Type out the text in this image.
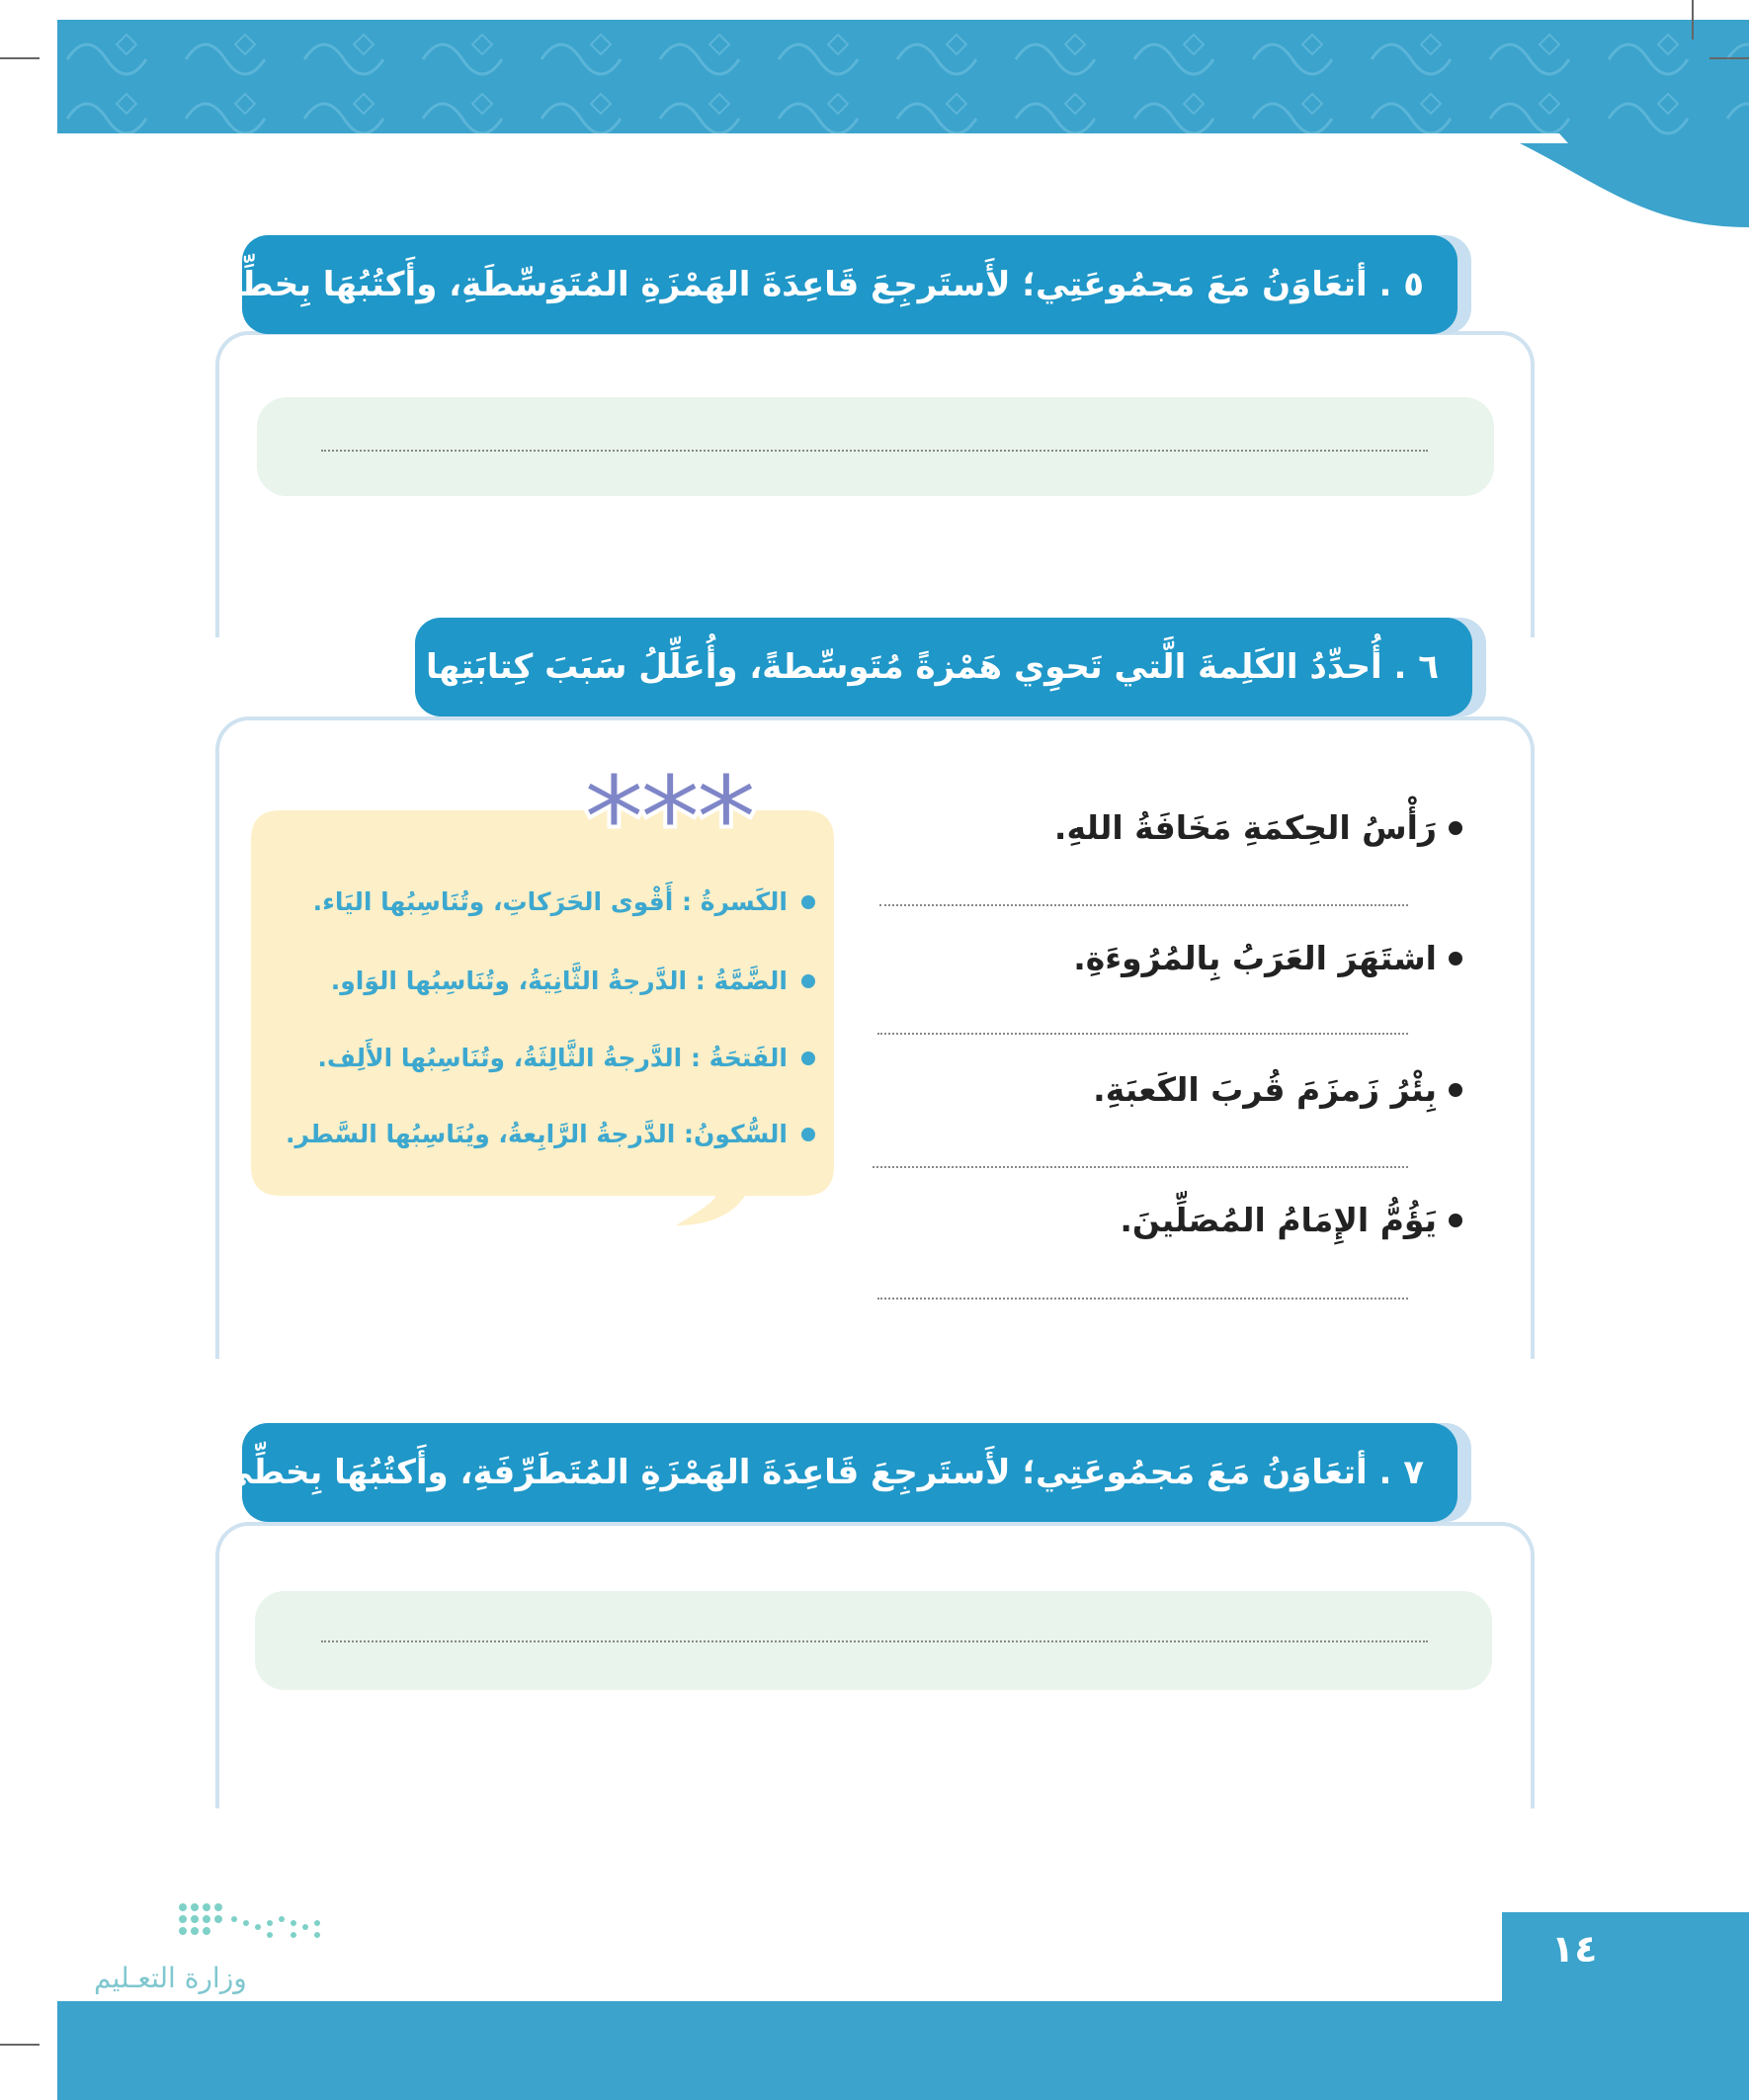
٥ . أتعَاوَنُ مَعَ مَجمُوعَتِي؛ لأَستَرجِعَ قَاعِدَةَ الهَمْزَةِ المُتَوَسِّطَةِ، وأَكتُبُهَا بِخطِّي الجَمِيلِ :
٦ . أُحدِّدُ الكَلِمةَ الَّتي تَحوِي هَمْزةً مُتَوسِّطةً، وأُعَلِّلُ سَبَبَ كِتابَتِها :
رَأْسُ الحِكمَةِ مَخَافَةُ اللهِ.
اشتَهَرَ العَرَبُ بِالمُرُوءَةِ.
بِئْرُ زَمزَمَ قُربَ الكَعبَةِ.
يَؤُمُّ الإِمَامُ المُصَلِّينَ.
***
الكَسرةُ : أَقْوى الحَرَكاتِ، وتُنَاسِبُها اليَاء.
الضَّمَّةُ : الدَّرجةُ الثَّانِيَةُ، وتُنَاسِبُها الوَاو.
الفَتحَةُ : الدَّرجةُ الثَّالِثَةُ، وتُنَاسِبُها الأَلِف.
السُّكونُ: الدَّرجةُ الرَّابِعةُ، ويُنَاسِبُها السَّطر.
٧ . أتعَاوَنُ مَعَ مَجمُوعَتِي؛ لأَستَرجِعَ قَاعِدَةَ الهَمْزَةِ المُتَطَرِّفَةِ، وأَكتُبُهَا بِخطِّي الجَمِيلِ :
١٤
وزارة التعـليم
